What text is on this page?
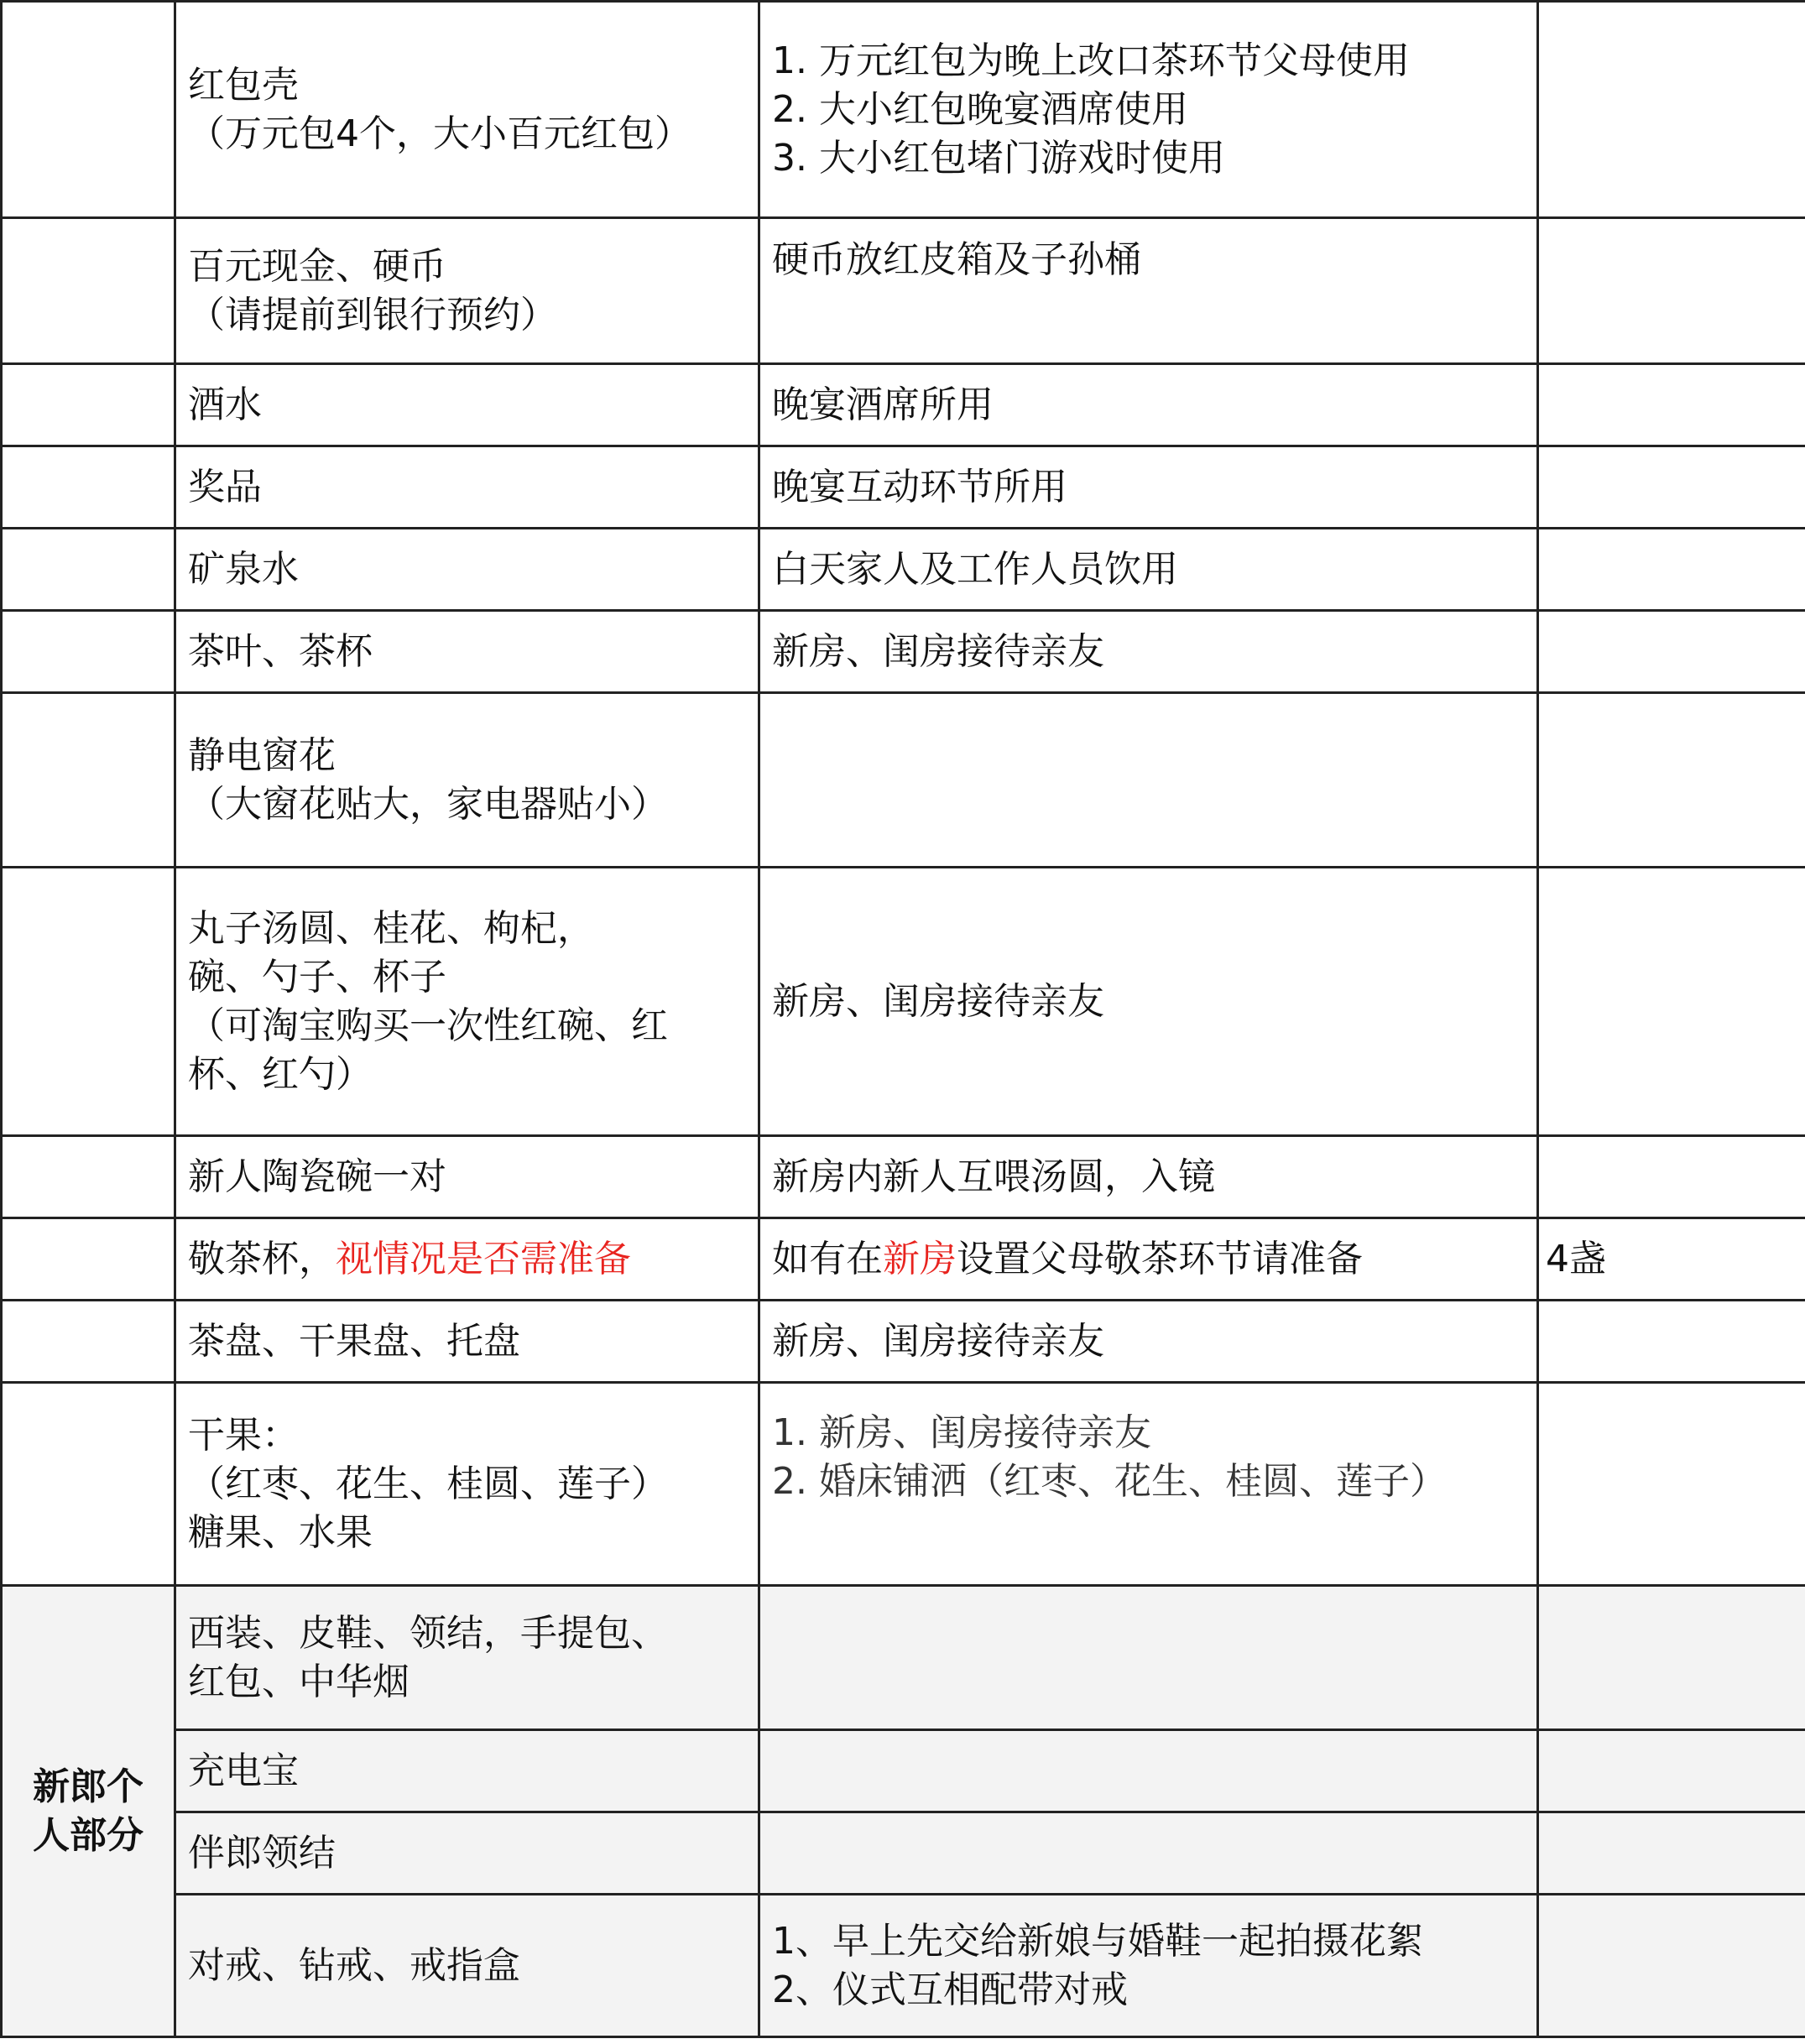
	红包壳
（万元包4个，大小百元红包）	1. 万元红包为晚上改口茶环节父母使用
2. 大小红包晚宴酒席使用
3. 大小红包堵门游戏时使用	

	百元现金、硬币
（请提前到银行预约）	硬币放红皮箱及子孙桶	

	酒水	晚宴酒席所用	

	奖品	晚宴互动环节所用	

	矿泉水	白天家人及工作人员饮用	

	茶叶、茶杯	新房、闺房接待亲友	

	静电窗花
（大窗花贴大，家电器贴小）		

	丸子汤圆、桂花、枸杞，
碗、勺子、杯子
（可淘宝购买一次性红碗、红
杯、红勺）	新房、闺房接待亲友	

	新人陶瓷碗一对	新房内新人互喂汤圆，入镜	

	敬茶杯，视情况是否需准备	如有在新房设置父母敬茶环节请准备	4盏

	茶盘、干果盘、托盘	新房、闺房接待亲友	

	干果：
（红枣、花生、桂圆、莲子）
糖果、水果	1. 新房、闺房接待亲友
2. 婚床铺洒（红枣、花生、桂圆、莲子）	

新郎个
人部分	西装、皮鞋、领结，手提包、
红包、中华烟		

	充电宝		

	伴郎领结		

	对戒、钻戒、戒指盒	1、早上先交给新娘与婚鞋一起拍摄花絮
2、仪式互相配带对戒	
